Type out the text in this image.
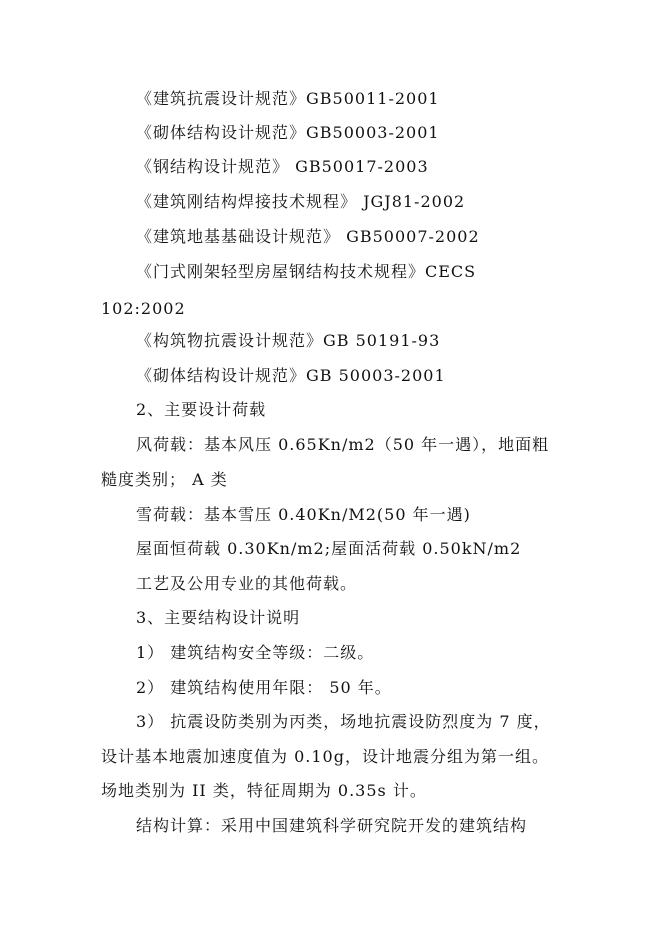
《建筑抗震设计规范》GB50011-2001
《砌体结构设计规范》GB50003-2001
《钢结构设计规范》 GB50017-2003
《建筑刚结构焊接技术规程》 JGJ81-2002
《建筑地基基础设计规范》 GB50007-2002
《门式刚架轻型房屋钢结构技术规程》CECS
102:2002
《构筑物抗震设计规范》GB 50191-93
《砌体结构设计规范》GB 50003-2001
2、主要设计荷载
风荷载：基本风压 0.65Kn/m2（50 年一遇），地面粗
糙度类别； A 类
雪荷载：基本雪压 0.40Kn/M2(50 年一遇)
屋面恒荷载 0.30Kn/m2;屋面活荷载 0.50kN/m2
工艺及公用专业的其他荷载。
3、主要结构设计说明
1） 建筑结构安全等级：二级。
2） 建筑结构使用年限： 50 年。
3） 抗震设防类别为丙类，场地抗震设防烈度为 7 度，
设计基本地震加速度值为 0.10g，设计地震分组为第一组。
场地类别为 II 类，特征周期为 0.35s 计。
结构计算：采用中国建筑科学研究院开发的建筑结构
